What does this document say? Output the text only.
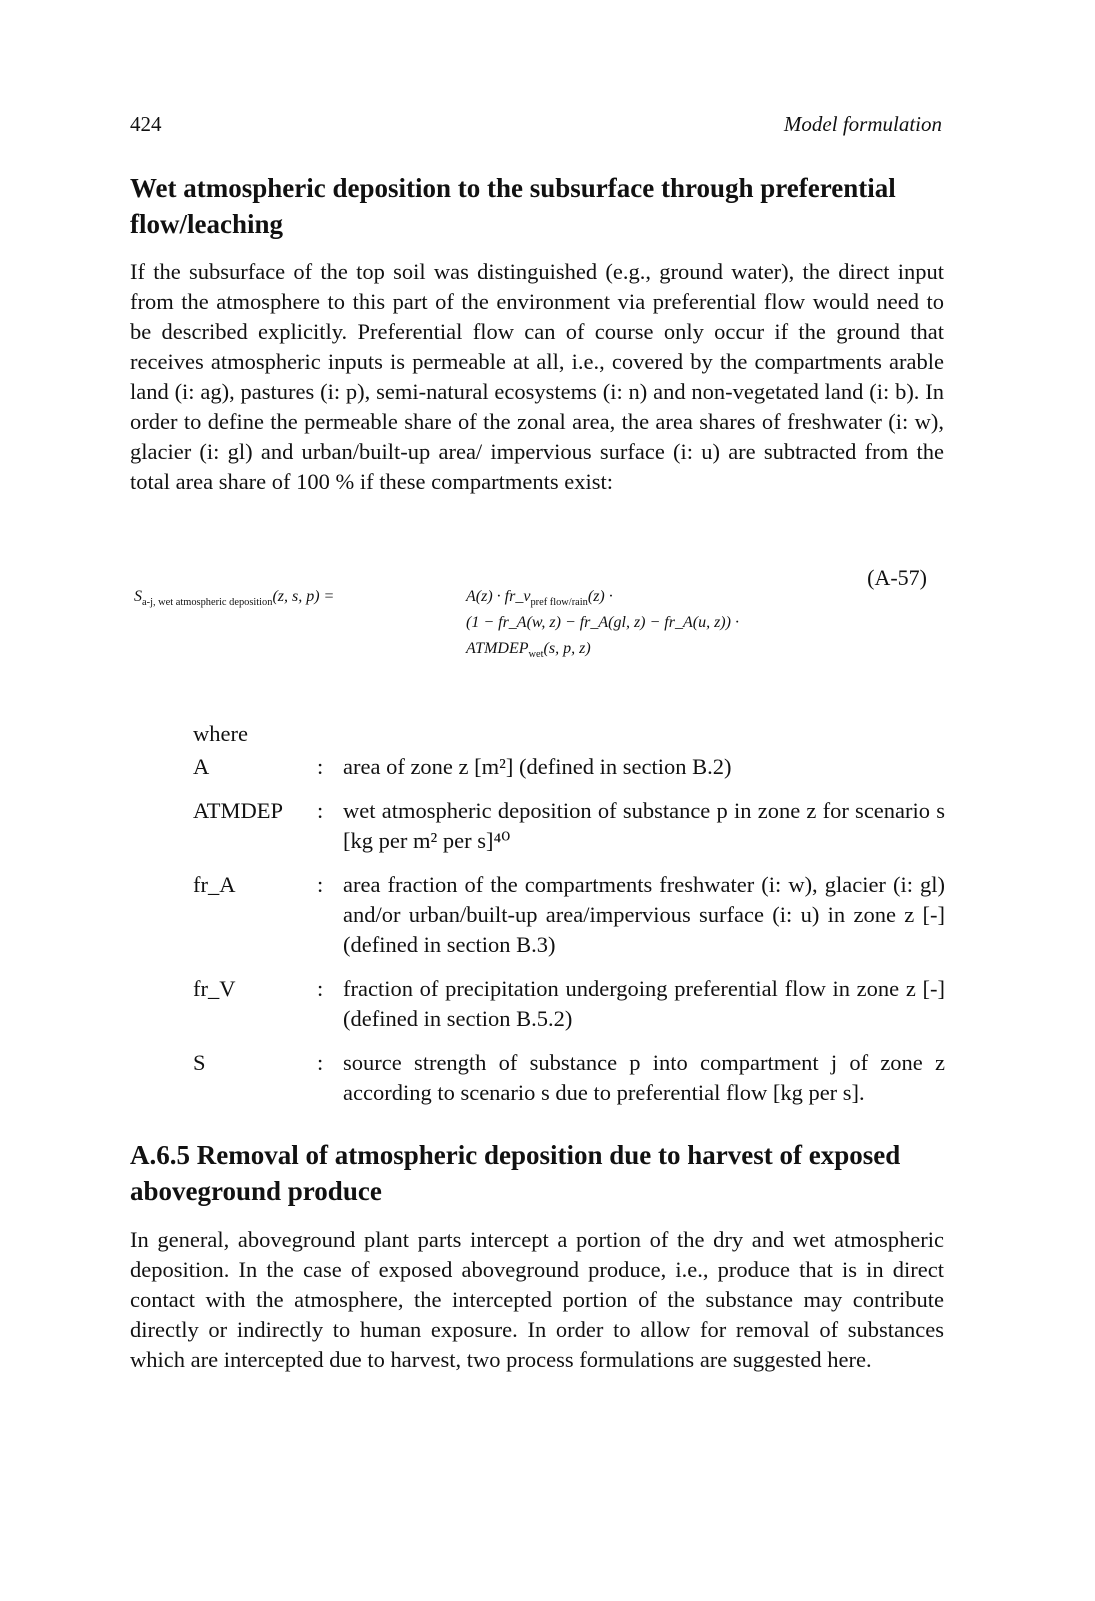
424	Model formulation
Wet atmospheric deposition to the subsurface through preferential flow/leaching

If the subsurface of the top soil was distinguished (e.g., ground water), the direct input from the atmosphere to this part of the environment via preferential flow would need to be described explicitly. Preferential flow can of course only occur if the ground that receives atmospheric inputs is permeable at all, i.e., covered by the compartments arable land (i: ag), pastures (i: p), semi-natural ecosystems (i: n) and non-vegetated land (i: b). In order to define the permeable share of the zonal area, the area shares of freshwater (i: w), glacier (i: gl) and urban/built-up area/ impervious surface (i: u) are subtracted from the total area share of 100 % if these compartments exist:

$S_{a-j, wet atmospheric deposition}(z$, s, p) =	$A(z) \cdot fr\_v_{pref flow/rain}(z)$ ·
(1 − fr_A(w, z) − fr_A(gl, z) − fr_A(u, z)) ·
$ATMDEP_{wet}(s$, p, z)
(A-57)
where
A	: area of zone z [m²] (defined in section B.2)
ATMDEP	: wet atmospheric deposition of substance p in zone z for scenario s [kg per m² per s]⁴⁰
fr_A	: area fraction of the compartments freshwater (i: w), glacier (i: gl) and/or urban/built-up area/impervious surface (i: u) in zone z [-] (defined in section B.3)
fr_V	: fraction of precipitation undergoing preferential flow in zone z [-] (defined in section B.5.2)
S	: source strength of substance p into compartment j of zone z according to scenario s due to preferential flow [kg per s].
A.6.5 Removal of atmospheric deposition due to harvest of exposed aboveground produce

In general, aboveground plant parts intercept a portion of the dry and wet atmospheric deposition. In the case of exposed aboveground produce, i.e., produce that is in direct contact with the atmosphere, the intercepted portion of the substance may contribute directly or indirectly to human exposure. In order to allow for removal of substances which are intercepted due to harvest, two process formulations are suggested here.
